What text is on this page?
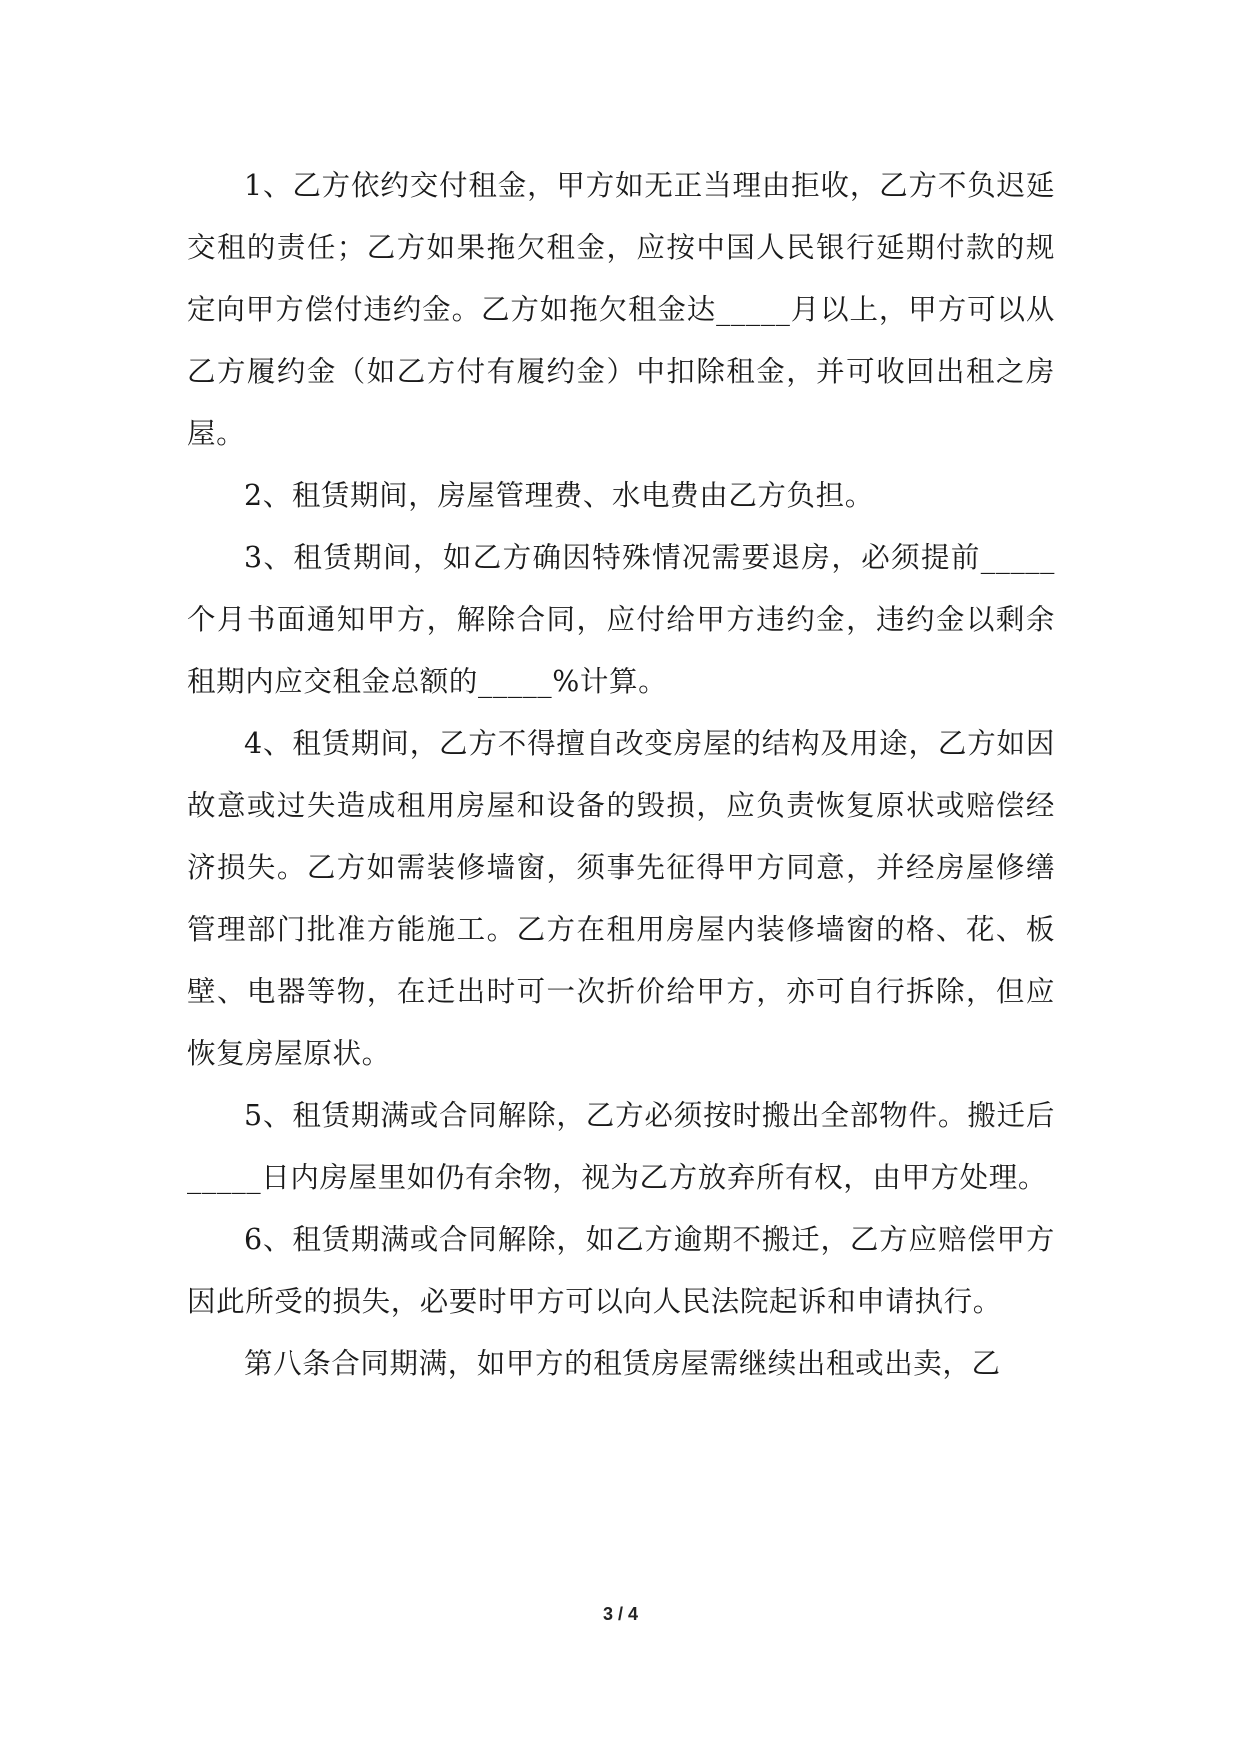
1、乙方依约交付租金，甲方如无正当理由拒收，乙方不负迟延交租的责任；乙方如果拖欠租金，应按中国人民银行延期付款的规定向甲方偿付违约金。乙方如拖欠租金达_____月以上，甲方可以从乙方履约金（如乙方付有履约金）中扣除租金，并可收回出租之房屋。

2、租赁期间，房屋管理费、水电费由乙方负担。

3、租赁期间，如乙方确因特殊情况需要退房，必须提前_____个月书面通知甲方，解除合同，应付给甲方违约金，违约金以剩余租期内应交租金总额的_____%计算。

4、租赁期间，乙方不得擅自改变房屋的结构及用途，乙方如因故意或过失造成租用房屋和设备的毁损，应负责恢复原状或赔偿经济损失。乙方如需装修墙窗，须事先征得甲方同意，并经房屋修缮管理部门批准方能施工。乙方在租用房屋内装修墙窗的格、花、板壁、电器等物，在迁出时可一次折价给甲方，亦可自行拆除，但应恢复房屋原状。

5、租赁期满或合同解除，乙方必须按时搬出全部物件。搬迁后_____日内房屋里如仍有余物，视为乙方放弃所有权，由甲方处理。

6、租赁期满或合同解除，如乙方逾期不搬迁，乙方应赔偿甲方因此所受的损失，必要时甲方可以向人民法院起诉和申请执行。

第八条合同期满，如甲方的租赁房屋需继续出租或出卖，乙

3 / 4
